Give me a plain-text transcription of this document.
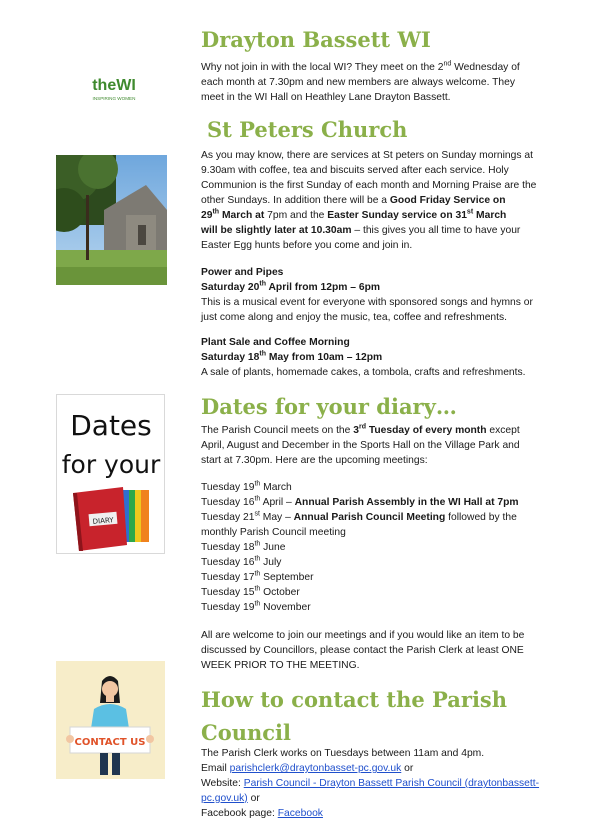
theWI
INSPIRING WOMEN
Drayton Bassett WI
Why not join in with the local WI? They meet on the 2nd Wednesday of
each month at 7.30pm and new members are always welcome. They
meet in the WI Hall on Heathley Lane Drayton Bassett.
St Peters Church
As you may know, there are services at St peters on Sunday mornings at
9.30am with coffee, tea and biscuits served after each service. Holy
Communion is the first Sunday of each month and Morning Praise are the
other Sundays. In addition there will be a Good Friday Service on
29th March at 7pm and the Easter Sunday service on 31st March
will be slightly later at 10.30am – this gives you all time to have your
Easter Egg hunts before you come and join in.
Power and Pipes
Saturday 20th April from 12pm – 6pm
This is a musical event for everyone with sponsored songs and hymns or
just come along and enjoy the music, tea, coffee and refreshments.
Plant Sale and Coffee Morning
Saturday 18th May from 10am – 12pm
A sale of plants, homemade cakes, a tombola, crafts and refreshments.
Dates
for your
DIARY
Dates for your diary…
The Parish Council meets on the 3rd Tuesday of every month except
April, August and December in the Sports Hall on the Village Park and
start at 7.30pm. Here are the upcoming meetings:
Tuesday 19th March
Tuesday 16th April – Annual Parish Assembly in the WI Hall at 7pm
Tuesday 21st May – Annual Parish Council Meeting followed by the
monthly Parish Council meeting
Tuesday 18th June
Tuesday 16th July
Tuesday 17th September
Tuesday 15th October
Tuesday 19th November
All are welcome to join our meetings and if you would like an item to be
discussed by Councillors, please contact the Parish Clerk at least ONE
WEEK PRIOR TO THE MEETING.
CONTACT US
How to contact the Parish
Council
The Parish Clerk works on Tuesdays between 11am and 4pm.
Email parishclerk@draytonbasset-pc.gov.uk or
Website: Parish Council - Drayton Bassett Parish Council (draytonbassett-
pc.gov.uk) or
Facebook page: Facebook
